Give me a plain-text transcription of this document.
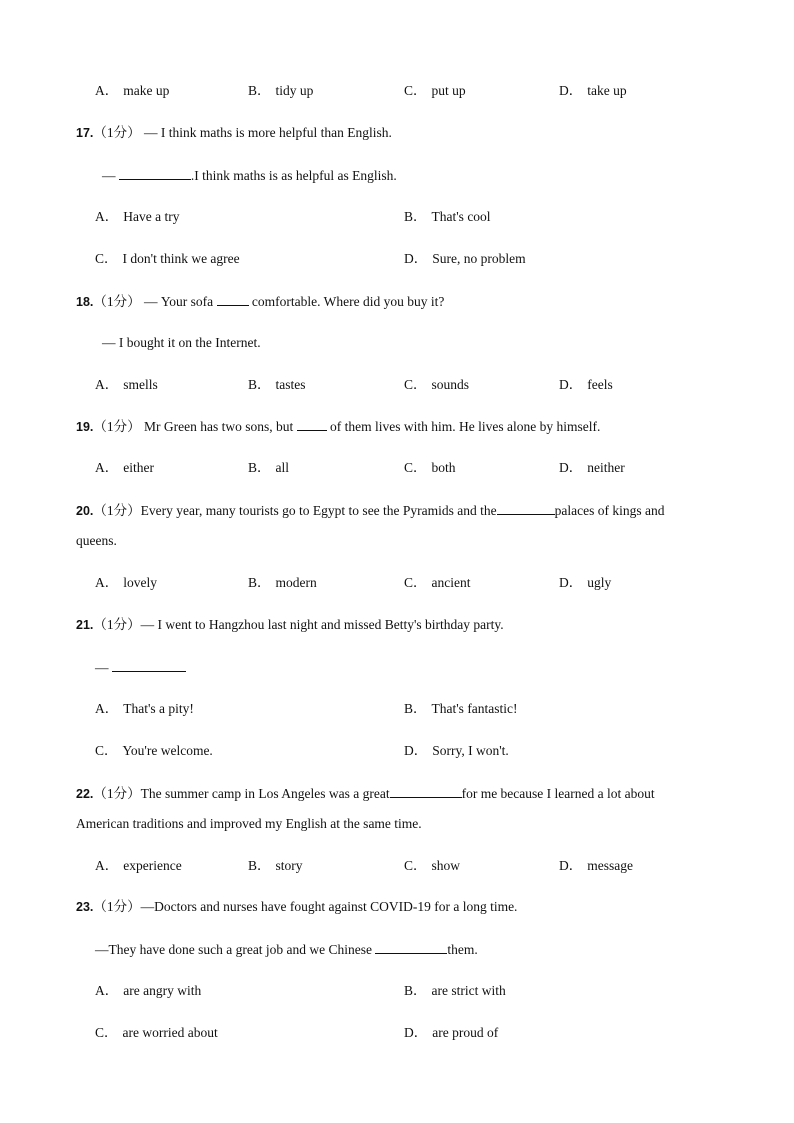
A． make up	B． tidy up	C． put up	D． take up
17.（1分） — I think maths is more helpful than English.
—	.I think maths is as helpful as English.
A． Have a try	B． That's cool
C． I don't think we agree	D． Sure, no problem
18.（1分） — Your sofa	comfortable. Where did you buy it?
— I bought it on the Internet.
A． smells	B． tastes	C． sounds	D． feels
19.（1分） Mr Green has two sons, but	of them lives with him. He lives alone by himself.
A． either	B． all	C． both	D． neither
20.（1分）Every year, many tourists go to Egypt to see the Pyramids and the	palaces of kings and
queens.
A． lovely	B． modern	C． ancient	D． ugly
21.（1分）— I went to Hangzhou last night and missed Betty's birthday party.
—
A． That's a pity!	B． That's fantastic!
C． You're welcome.	D． Sorry, I won't.
22.（1分）The summer camp in Los Angeles was a great	for me because I learned a lot about
American traditions and improved my English at the same time.
A． experience	B． story	C． show	D． message
23.（1分）—Doctors and nurses have fought against COVID-19 for a long time.
—They have done such a great job and we Chinese	them.
A． are angry with	B． are strict with
C． are worried about	D． are proud of
